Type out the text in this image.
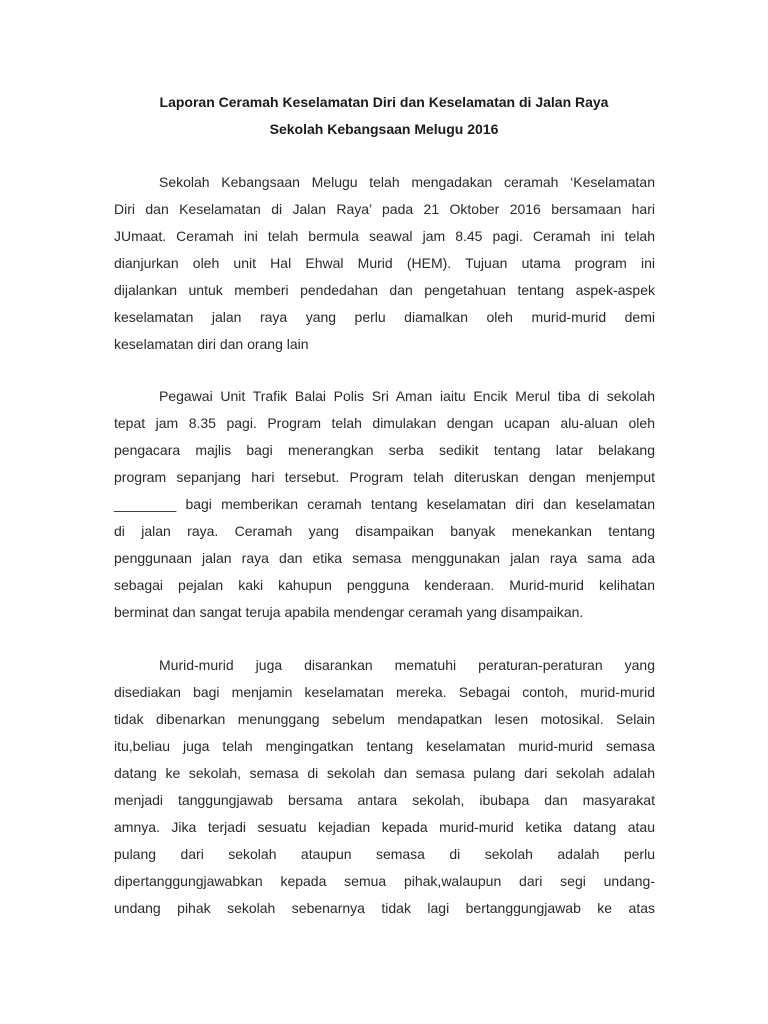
Laporan Ceramah Keselamatan Diri dan Keselamatan di Jalan Raya
Sekolah Kebangsaan Melugu 2016
Sekolah Kebangsaan Melugu telah mengadakan ceramah ‘Keselamatan
Diri dan Keselamatan di Jalan Raya’ pada 21 Oktober 2016 bersamaan hari
JUmaat. Ceramah ini telah bermula seawal jam 8.45 pagi. Ceramah ini telah
dianjurkan oleh unit Hal Ehwal Murid (HEM). Tujuan utama program ini
dijalankan untuk memberi pendedahan dan pengetahuan tentang aspek-aspek
keselamatan jalan raya yang perlu diamalkan oleh murid-murid demi
keselamatan diri dan orang lain
Pegawai Unit Trafik Balai Polis Sri Aman iaitu Encik Merul tiba di sekolah
tepat jam 8.35 pagi. Program telah dimulakan dengan ucapan alu-aluan oleh
pengacara majlis bagi menerangkan serba sedikit tentang latar belakang
program sepanjang hari tersebut. Program telah diteruskan dengan menjemput
________ bagi memberikan ceramah tentang keselamatan diri dan keselamatan
di jalan raya. Ceramah yang disampaikan banyak menekankan tentang
penggunaan jalan raya dan etika semasa menggunakan jalan raya sama ada
sebagai pejalan kaki kahupun pengguna kenderaan. Murid-murid kelihatan
berminat dan sangat teruja apabila mendengar ceramah yang disampaikan.
Murid-murid juga disarankan mematuhi peraturan-peraturan yang
disediakan bagi menjamin keselamatan mereka. Sebagai contoh, murid-murid
tidak dibenarkan menunggang sebelum mendapatkan lesen motosikal. Selain
itu,beliau juga telah mengingatkan tentang keselamatan murid-murid semasa
datang ke sekolah, semasa di sekolah dan semasa pulang dari sekolah adalah
menjadi tanggungjawab bersama antara sekolah, ibubapa dan masyarakat
amnya. Jika terjadi sesuatu kejadian kepada murid-murid ketika datang atau
pulang dari sekolah ataupun semasa di sekolah adalah perlu
dipertanggungjawabkan kepada semua pihak,walaupun dari segi undang-
undang pihak sekolah sebenarnya tidak lagi bertanggungjawab ke atas
